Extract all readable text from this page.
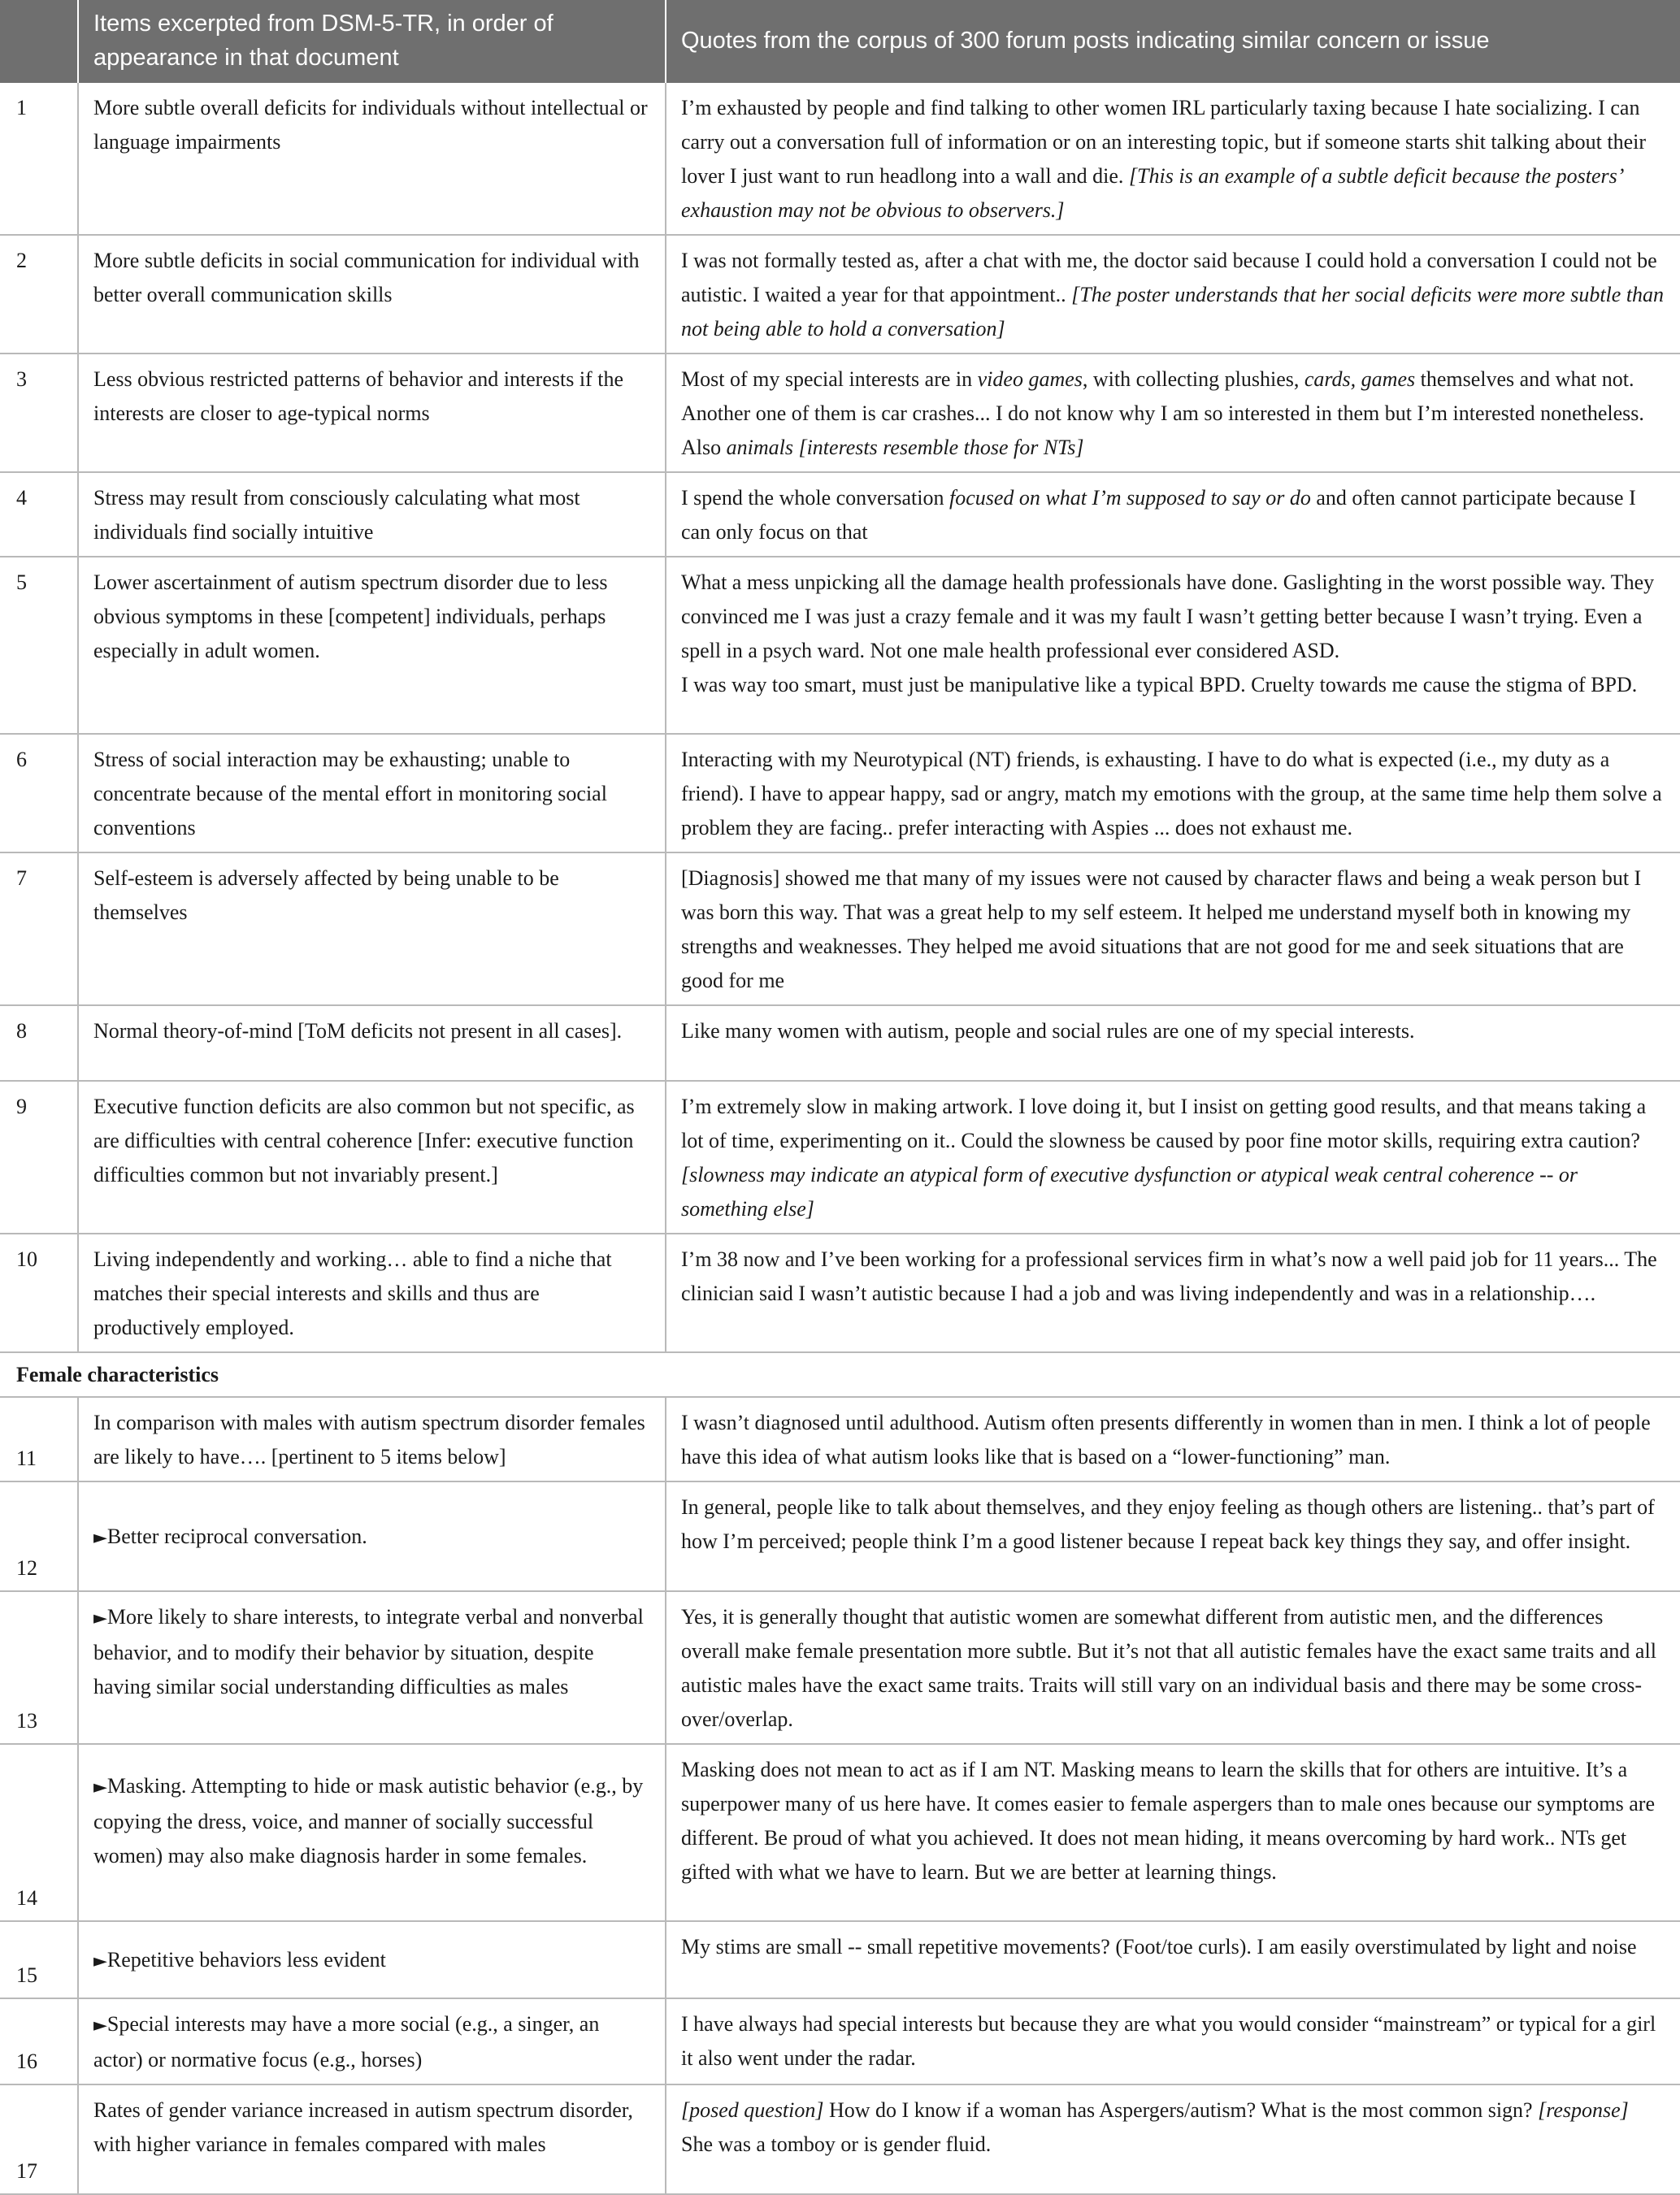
	Items excerpted from DSM-5-TR, in order of appearance in that document	Quotes from the corpus of 300 forum posts indicating similar concern or issue
1	More subtle overall deficits for individuals without intellectual or language impairments	I’m exhausted by people and find talking to other women IRL particularly taxing because I hate socializing. I can carry out a conversation full of information or on an interesting topic, but if someone starts shit talking about their lover I just want to run headlong into a wall and die. [This is an example of a subtle deficit because the posters’ exhaustion may not be obvious to observers.]
2	More subtle deficits in social communication for individual with better overall communication skills	I was not formally tested as, after a chat with me, the doctor said because I could hold a conversation I could not be autistic. I waited a year for that appointment.. [The poster understands that her social deficits were more subtle than not being able to hold a conversation]
3	Less obvious restricted patterns of behavior and interests if the interests are closer to age-typical norms	Most of my special interests are in video games, with collecting plushies, cards, games themselves and what not. Another one of them is car crashes... I do not know why I am so interested in them but I’m interested nonetheless. Also animals [interests resemble those for NTs]
4	Stress may result from consciously calculating what most individuals find socially intuitive	I spend the whole conversation focused on what I’m supposed to say or do and often cannot participate because I can only focus on that
5	Lower ascertainment of autism spectrum disorder due to less obvious symptoms in these [competent] individuals, perhaps especially in adult women.	What a mess unpicking all the damage health professionals have done. Gaslighting in the worst possible way. They convinced me I was just a crazy female and it was my fault I wasn’t getting better because I wasn’t trying. Even a spell in a psych ward. Not one male health professional ever considered ASD.
I was way too smart, must just be manipulative like a typical BPD. Cruelty towards me cause the stigma of BPD.

6	Stress of social interaction may be exhausting; unable to concentrate because of the mental effort in monitoring social conventions	Interacting with my Neurotypical (NT) friends, is exhausting. I have to do what is expected (i.e., my duty as a friend). I have to appear happy, sad or angry, match my emotions with the group, at the same time help them solve a problem they are facing.. prefer interacting with Aspies ... does not exhaust me.
7	Self-esteem is adversely affected by being unable to be themselves	[Diagnosis] showed me that many of my issues were not caused by character flaws and being a weak person but I was born this way. That was a great help to my self esteem. It helped me understand myself both in knowing my strengths and weaknesses. They helped me avoid situations that are not good for me and seek situations that are good for me
8	Normal theory-of-mind [ToM deficits not present in all cases].	Like many women with autism, people and social rules are one of my special interests.
9	Executive function deficits are also common but not specific, as are difficulties with central coherence [Infer: executive function difficulties common but not invariably present.]	I’m extremely slow in making artwork. I love doing it, but I insist on getting good results, and that means taking a lot of time, experimenting on it.. Could the slowness be caused by poor fine motor skills, requiring extra caution? [slowness may indicate an atypical form of executive dysfunction or atypical weak central coherence -- or something else]
10	Living independently and working… able to find a niche that matches their special interests and skills and thus are productively employed.	I’m 38 now and I’ve been working for a professional services firm in what’s now a well paid job for 11 years... The clinician said I wasn’t autistic because I had a job and was living independently and was in a relationship….
Female characteristics		
11	In comparison with males with autism spectrum disorder females are likely to have…. [pertinent to 5 items below]	I wasn’t diagnosed until adulthood. Autism often presents differently in women than in men. I think a lot of people have this idea of what autism looks like that is based on a “lower-functioning” man.
12	►Better reciprocal conversation.	In general, people like to talk about themselves, and they enjoy feeling as though others are listening.. that’s part of how I’m perceived; people think I’m a good listener because I repeat back key things they say, and offer insight.
13	►More likely to share interests, to integrate verbal and nonverbal behavior, and to modify their behavior by situation, despite having similar social understanding difficulties as males	Yes, it is generally thought that autistic women are somewhat different from autistic men, and the differences overall make female presentation more subtle. But it’s not that all autistic females have the exact same traits and all autistic males have the exact same traits. Traits will still vary on an individual basis and there may be some cross-over/overlap.
14	►Masking. Attempting to hide or mask autistic behavior (e.g., by copying the dress, voice, and manner of socially successful women) may also make diagnosis harder in some females.	Masking does not mean to act as if I am NT. Masking means to learn the skills that for others are intuitive. It’s a superpower many of us here have. It comes easier to female aspergers than to male ones because our symptoms are different. Be proud of what you achieved. It does not mean hiding, it means overcoming by hard work.. NTs get gifted with what we have to learn. But we are better at learning things.
15	►Repetitive behaviors less evident	My stims are small -- small repetitive movements? (Foot/toe curls). I am easily overstimulated by light and noise
16	►Special interests may have a more social (e.g., a singer, an actor) or normative focus (e.g., horses)	I have always had special interests but because they are what you would consider “mainstream” or typical for a girl it also went under the radar.
17	Rates of gender variance increased in autism spectrum disorder, with higher variance in females compared with males	[posed question] How do I know if a woman has Aspergers/autism? What is the most common sign? [response] She was a tomboy or is gender fluid.
